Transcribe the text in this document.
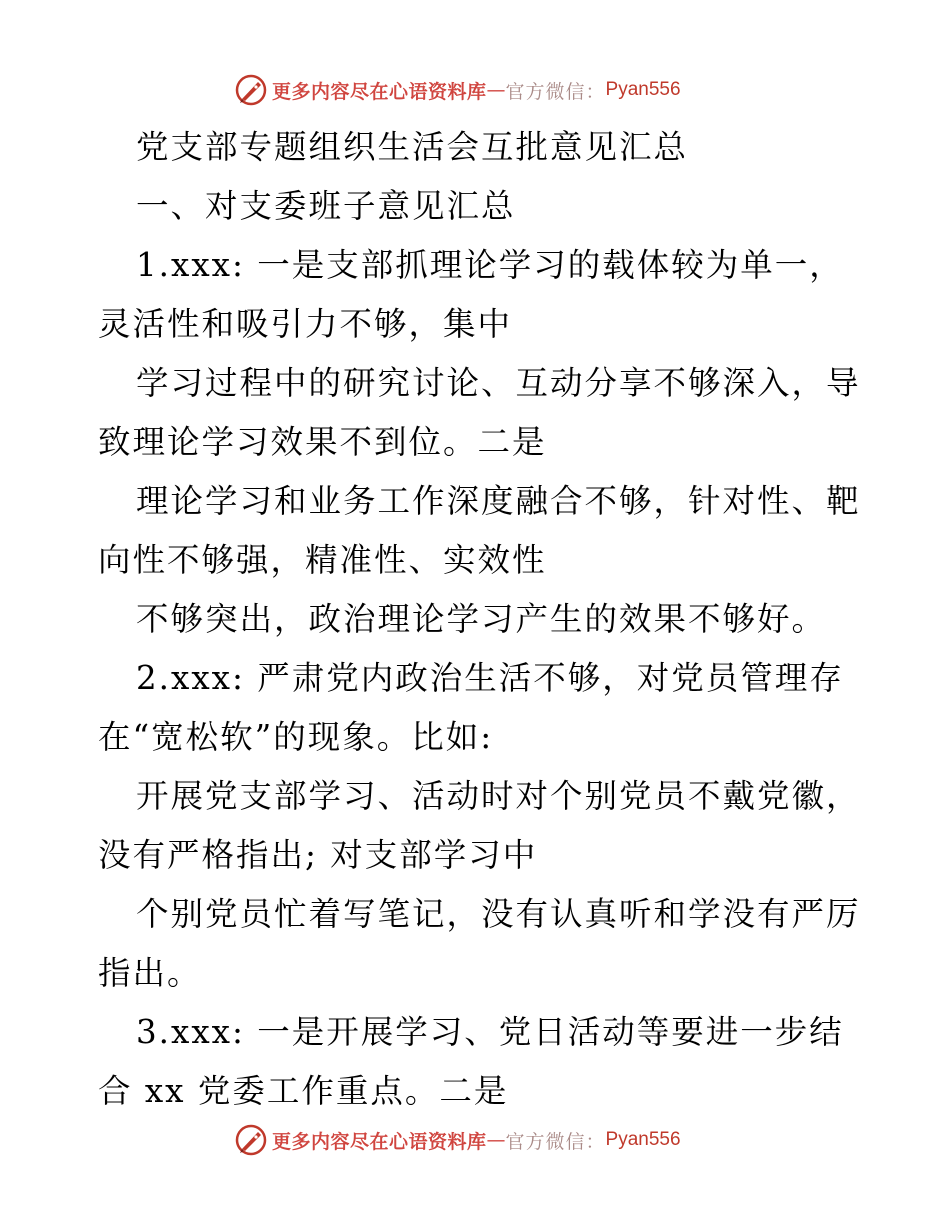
更多内容尽在心语资料库 — 官方微信： Pyan556
党支部专题组织生活会互批意见汇总
一、对支委班子意见汇总
1.xxx: 一是支部抓理论学习的载体较为单一，
灵活性和吸引力不够，集中
学习过程中的研究讨论、互动分享不够深入，导
致理论学习效果不到位。二是
理论学习和业务工作深度融合不够，针对性、靶
向性不够强，精准性、实效性
不够突出，政治理论学习产生的效果不够好。
2.xxx: 严肃党内政治生活不够，对党员管理存
在“宽松软”的现象。比如:
开展党支部学习、活动时对个别党员不戴党徽，
没有严格指出; 对支部学习中
个别党员忙着写笔记，没有认真听和学没有严厉
指出。
3.xxx: 一是开展学习、党日活动等要进一步结
合 xx 党委工作重点。二是
更多内容尽在心语资料库 — 官方微信： Pyan556
